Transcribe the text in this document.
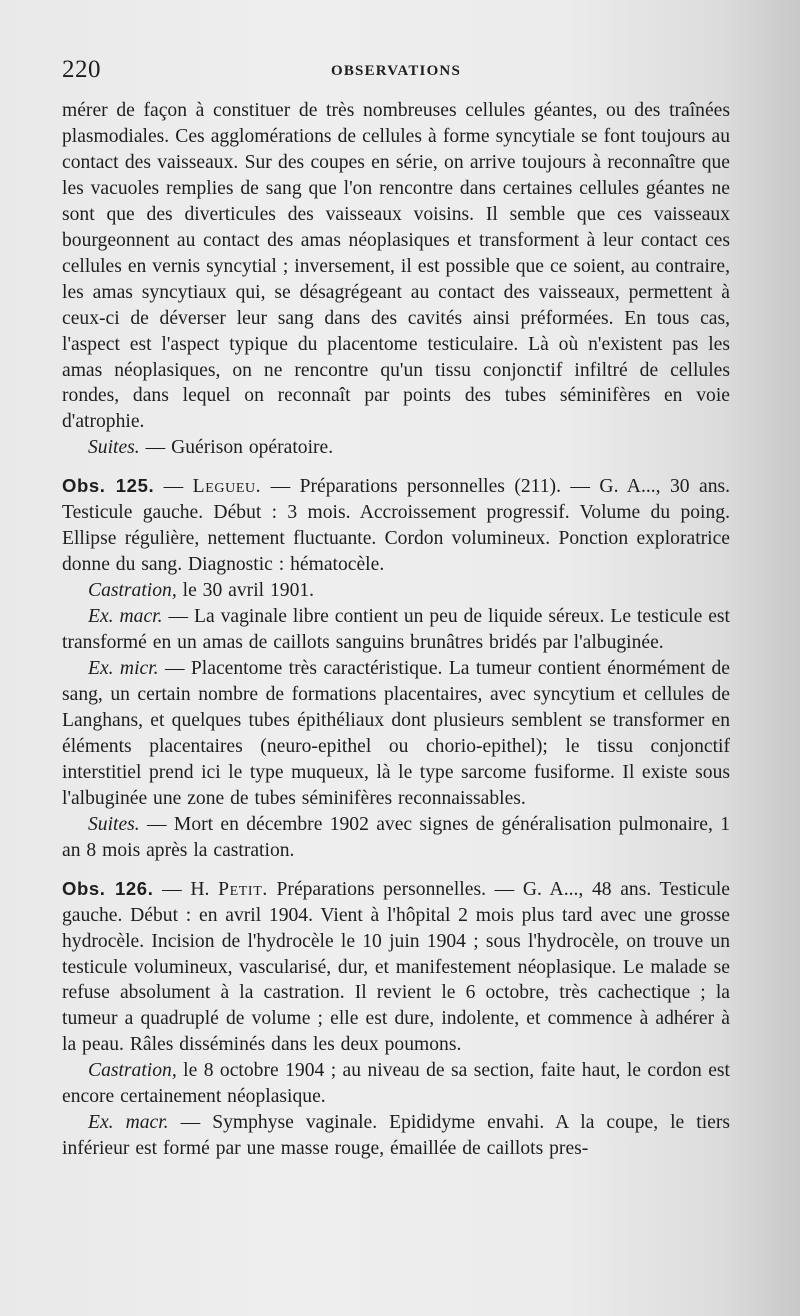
220	OBSERVATIONS

mérer de façon à constituer de très nombreuses cellules géantes, ou des traînées plasmodiales. Ces agglomérations de cellules à forme syncytiale se font toujours au contact des vaisseaux. Sur des coupes en série, on arrive toujours à reconnaître que les vacuoles remplies de sang que l'on rencontre dans certaines cellules géantes ne sont que des diverticules des vaisseaux voisins. Il semble que ces vaisseaux bourgeonnent au contact des amas néoplasiques et transforment à leur contact ces cellules en vernis syncytial ; inversement, il est possible que ce soient, au contraire, les amas syncytiaux qui, se désagrégeant au contact des vaisseaux, permettent à ceux-ci de déverser leur sang dans des cavités ainsi préformées. En tous cas, l'aspect est l'aspect typique du placentome testiculaire. Là où n'existent pas les amas néoplasiques, on ne rencontre qu'un tissu conjonctif infiltré de cellules rondes, dans lequel on reconnaît par points des tubes séminifères en voie d'atrophie.

Suites. — Guérison opératoire.

Obs. 125. — Legueu. — Préparations personnelles (211). — G. A..., 30 ans. Testicule gauche. Début : 3 mois. Accroissement progressif. Volume du poing. Ellipse régulière, nettement fluctuante. Cordon volumineux. Ponction exploratrice donne du sang. Diagnostic : hématocèle.

Castration, le 30 avril 1901.

Ex. macr. — La vaginale libre contient un peu de liquide séreux. Le testicule est transformé en un amas de caillots sanguins brunâtres bridés par l'albuginée.

Ex. micr. — Placentome très caractéristique. La tumeur contient énormément de sang, un certain nombre de formations placentaires, avec syncytium et cellules de Langhans, et quelques tubes épithéliaux dont plusieurs semblent se transformer en éléments placentaires (neuro-epithel ou chorio-epithel); le tissu conjonctif interstitiel prend ici le type muqueux, là le type sarcome fusiforme. Il existe sous l'albuginée une zone de tubes séminifères reconnaissables.

Suites. — Mort en décembre 1902 avec signes de généralisation pulmonaire, 1 an 8 mois après la castration.

Obs. 126. — H. Petit. Préparations personnelles. — G. A..., 48 ans. Testicule gauche. Début : en avril 1904. Vient à l'hôpital 2 mois plus tard avec une grosse hydrocèle. Incision de l'hydrocèle le 10 juin 1904 ; sous l'hydrocèle, on trouve un testicule volumineux, vascularisé, dur, et manifestement néoplasique. Le malade se refuse absolument à la castration. Il revient le 6 octobre, très cachectique ; la tumeur a quadruplé de volume ; elle est dure, indolente, et commence à adhérer à la peau. Râles disséminés dans les deux poumons.

Castration, le 8 octobre 1904 ; au niveau de sa section, faite haut, le cordon est encore certainement néoplasique.

Ex. macr. — Symphyse vaginale. Epididyme envahi. A la coupe, le tiers inférieur est formé par une masse rouge, émaillée de caillots pres-
